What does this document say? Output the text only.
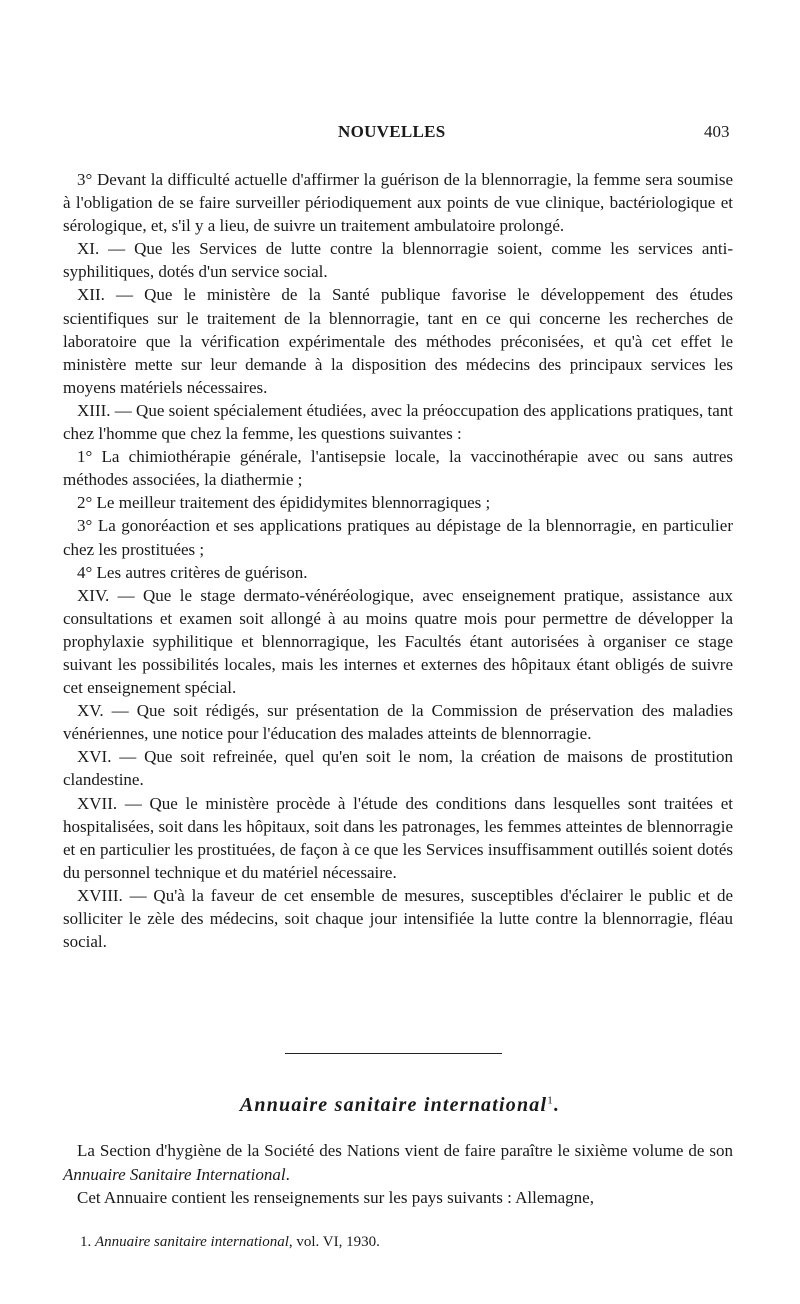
NOUVELLES	403

3° Devant la difficulté actuelle d'affirmer la guérison de la blennorragie, la femme sera soumise à l'obligation de se faire surveiller périodiquement aux points de vue clinique, bactériologique et sérologique, et, s'il y a lieu, de suivre un traitement ambulatoire prolongé.

XI. — Que les Services de lutte contre la blennorragie soient, comme les services anti-syphilitiques, dotés d'un service social.

XII. — Que le ministère de la Santé publique favorise le développement des études scientifiques sur le traitement de la blennorragie, tant en ce qui concerne les recherches de laboratoire que la vérification expérimentale des méthodes préconisées, et qu'à cet effet le ministère mette sur leur demande à la disposition des médecins des principaux services les moyens matériels nécessaires.

XIII. — Que soient spécialement étudiées, avec la préoccupation des applications pratiques, tant chez l'homme que chez la femme, les questions suivantes :

1° La chimiothérapie générale, l'antisepsie locale, la vaccinothérapie avec ou sans autres méthodes associées, la diathermie ;

2° Le meilleur traitement des épididymites blennorragiques ;

3° La gonoréaction et ses applications pratiques au dépistage de la blennorragie, en particulier chez les prostituées ;

4° Les autres critères de guérison.

XIV. — Que le stage dermato-vénéréologique, avec enseignement pratique, assistance aux consultations et examen soit allongé à au moins quatre mois pour permettre de développer la prophylaxie syphilitique et blennorragique, les Facultés étant autorisées à organiser ce stage suivant les possibilités locales, mais les internes et externes des hôpitaux étant obligés de suivre cet enseignement spécial.

XV. — Que soit rédigés, sur présentation de la Commission de préservation des maladies vénériennes, une notice pour l'éducation des malades atteints de blennorragie.

XVI. — Que soit refreinée, quel qu'en soit le nom, la création de maisons de prostitution clandestine.

XVII. — Que le ministère procède à l'étude des conditions dans lesquelles sont traitées et hospitalisées, soit dans les hôpitaux, soit dans les patronages, les femmes atteintes de blennorragie et en particulier les prostituées, de façon à ce que les Services insuffisamment outillés soient dotés du personnel technique et du matériel nécessaire.

XVIII. — Qu'à la faveur de cet ensemble de mesures, susceptibles d'éclairer le public et de solliciter le zèle des médecins, soit chaque jour intensifiée la lutte contre la blennorragie, fléau social.

Annuaire sanitaire international$^1$.

La Section d'hygiène de la Société des Nations vient de faire paraître le sixième volume de son Annuaire Sanitaire International.

Cet Annuaire contient les renseignements sur les pays suivants : Allemagne,

1. Annuaire sanitaire international, vol. VI, 1930.
